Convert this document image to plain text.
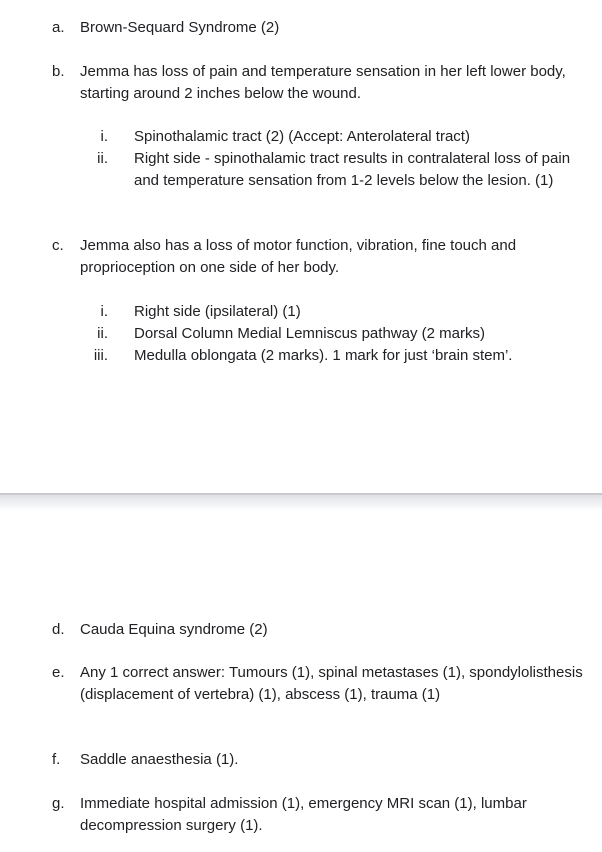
a. Brown-Sequard Syndrome (2)
b. Jemma has loss of pain and temperature sensation in her left lower body, starting around 2 inches below the wound.
i. Spinothalamic tract (2) (Accept: Anterolateral tract)
ii. Right side - spinothalamic tract results in contralateral loss of pain and temperature sensation from 1-2 levels below the lesion. (1)
c. Jemma also has a loss of motor function, vibration, fine touch and proprioception on one side of her body.
i. Right side (ipsilateral) (1)
ii. Dorsal Column Medial Lemniscus pathway (2 marks)
iii. Medulla oblongata (2 marks). 1 mark for just ‘brain stem’.
d. Cauda Equina syndrome (2)
e. Any 1 correct answer: Tumours (1), spinal metastases (1), spondylolisthesis (displacement of vertebra) (1), abscess (1), trauma (1)
f. Saddle anaesthesia (1).
g. Immediate hospital admission (1), emergency MRI scan (1), lumbar decompression surgery (1).
